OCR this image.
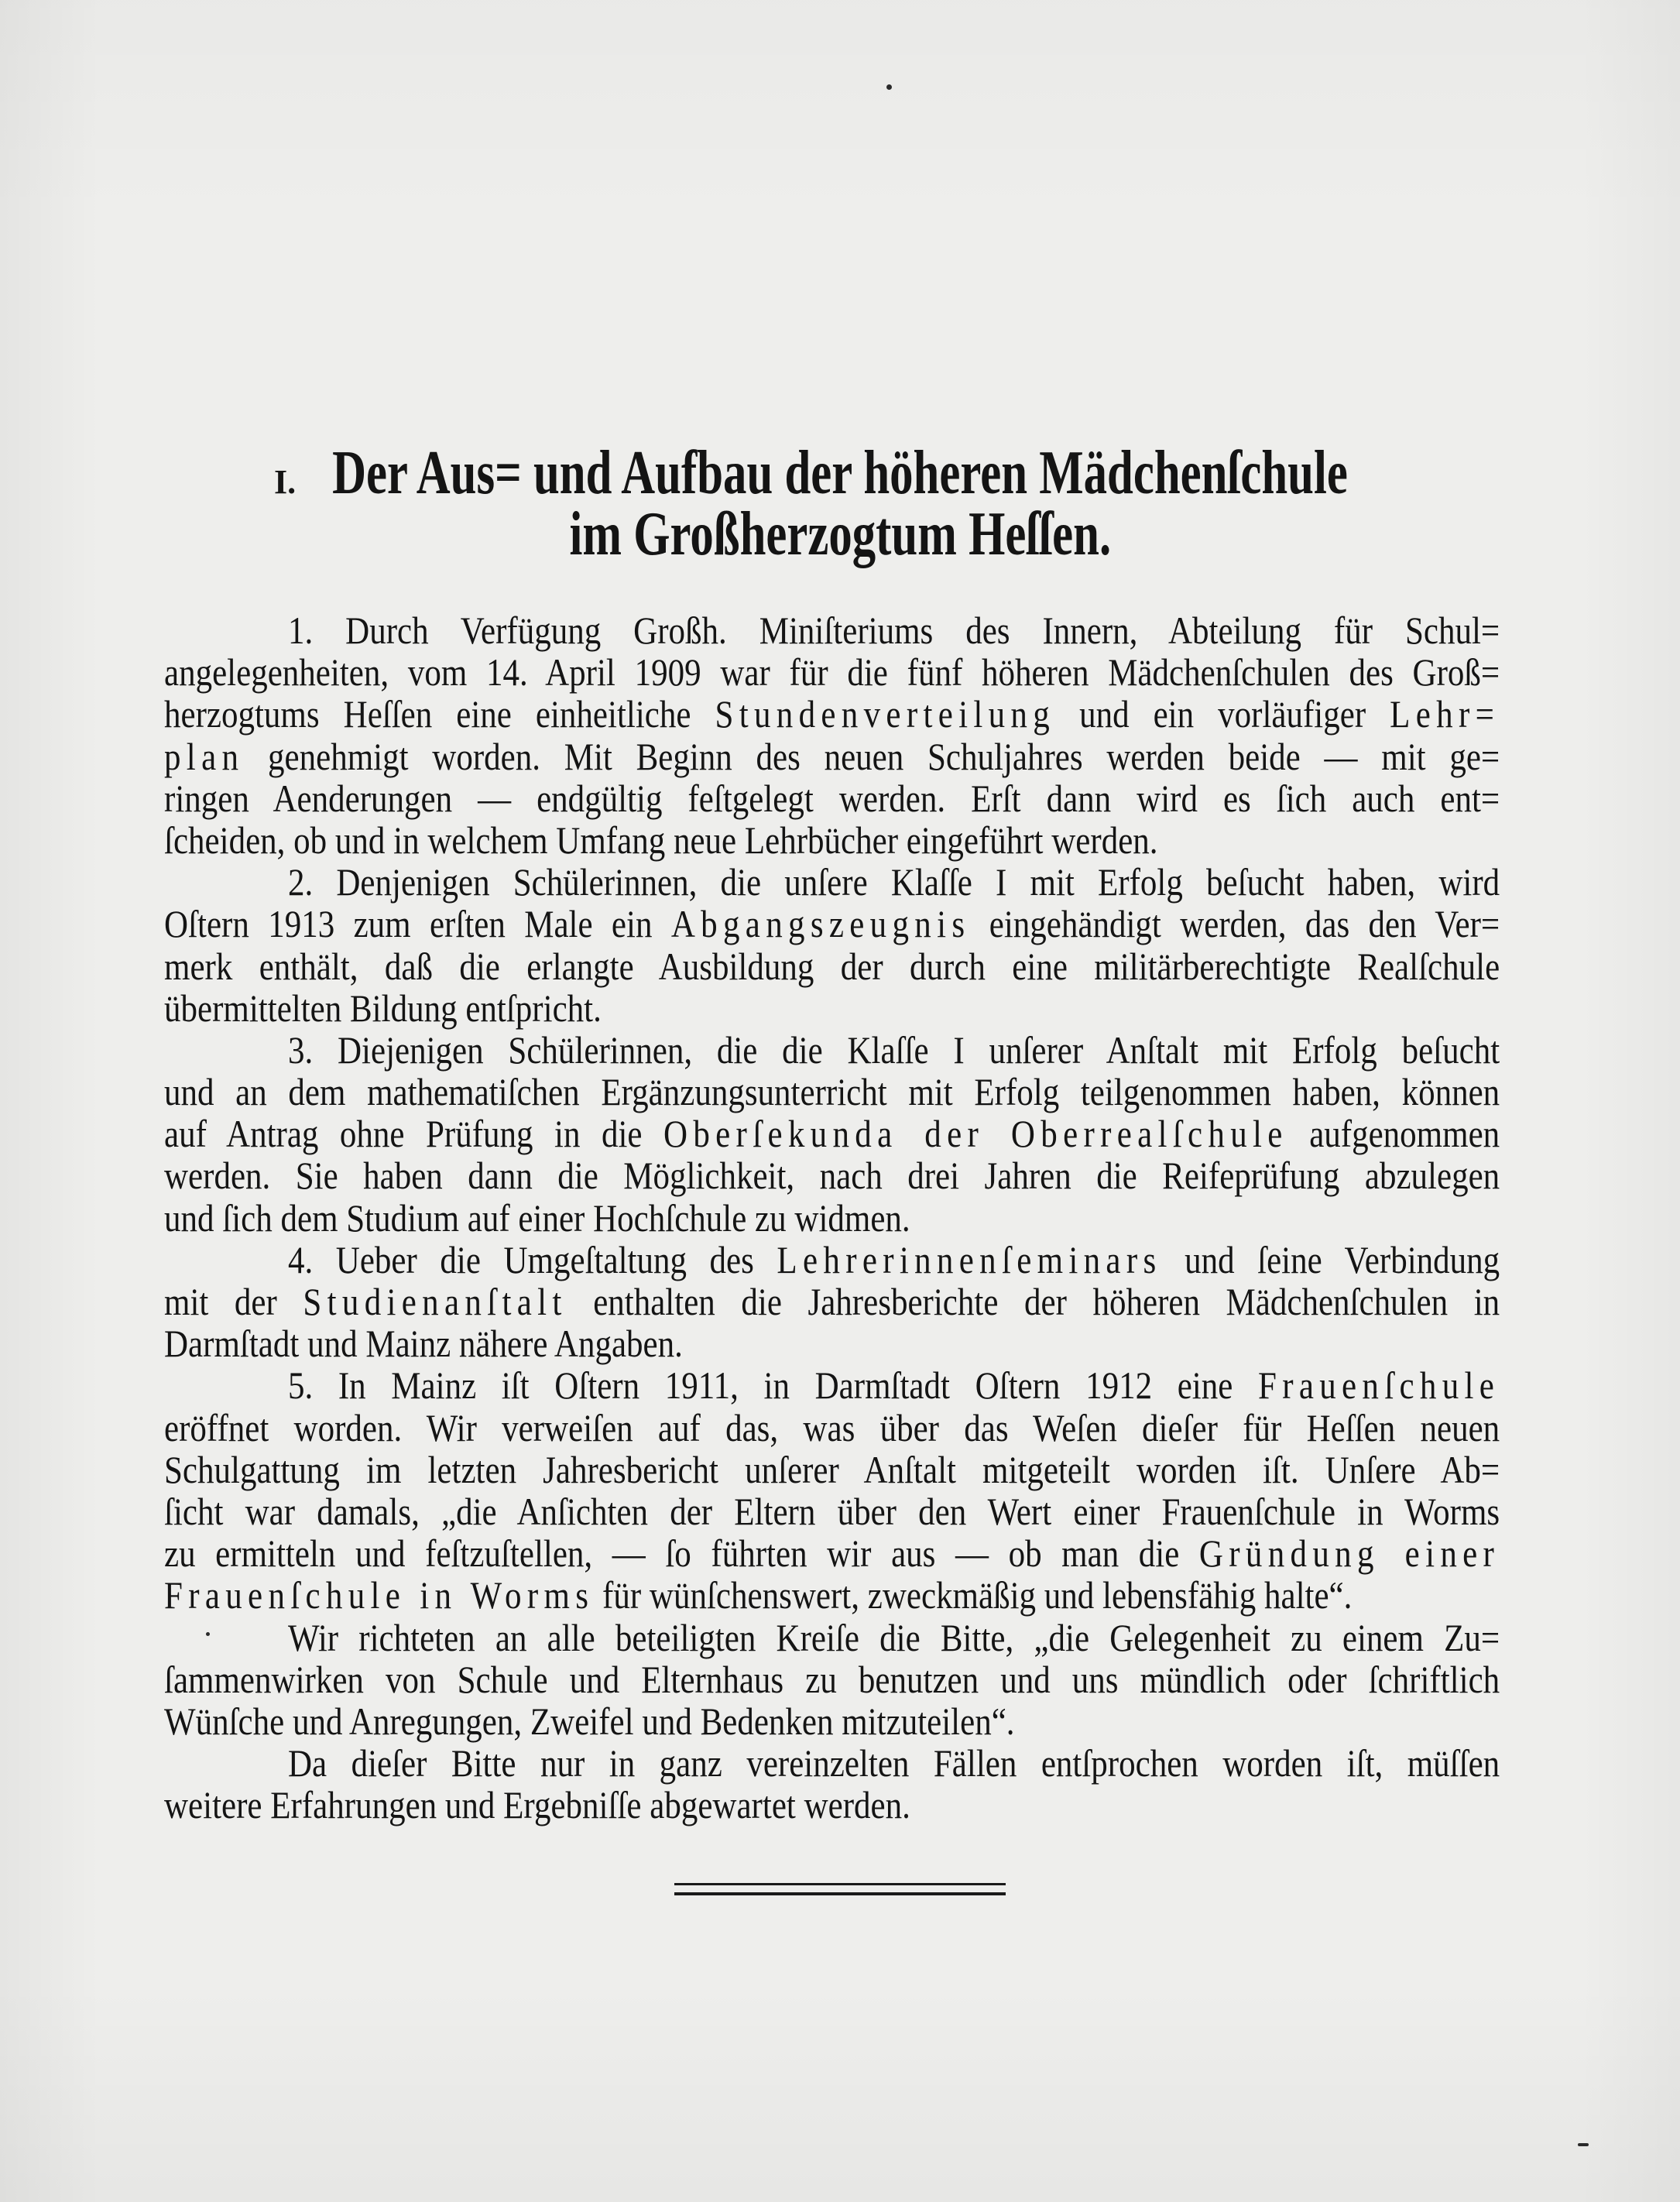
I. Der Aus= und Aufbau der höheren Mädchenſchule
im Großherzogtum Heſſen.
1. Durch Verfügung Großh. Miniſteriums des Innern, Abteilung für Schul=
angelegenheiten, vom 14. April 1909 war für die fünf höheren Mädchenſchulen des Groß=
herzogtums Heſſen eine einheitliche Stundenverteilung und ein vorläufiger Lehr=
plan genehmigt worden. Mit Beginn des neuen Schuljahres werden beide — mit ge=
ringen Aenderungen — endgültig feſtgelegt werden. Erſt dann wird es ſich auch ent=
ſcheiden, ob und in welchem Umfang neue Lehrbücher eingeführt werden.
2. Denjenigen Schülerinnen, die unſere Klaſſe I mit Erfolg beſucht haben, wird
Oſtern 1913 zum erſten Male ein Abgangszeugnis eingehändigt werden, das den Ver=
merk enthält, daß die erlangte Ausbildung der durch eine militärberechtigte Realſchule
übermittelten Bildung entſpricht.
3. Diejenigen Schülerinnen, die die Klaſſe I unſerer Anſtalt mit Erfolg beſucht
und an dem mathematiſchen Ergänzungsunterricht mit Erfolg teilgenommen haben, können
auf Antrag ohne Prüfung in die Oberſekunda der Oberrealſchule aufgenommen
werden. Sie haben dann die Möglichkeit, nach drei Jahren die Reifeprüfung abzulegen
und ſich dem Studium auf einer Hochſchule zu widmen.
4. Ueber die Umgeſtaltung des Lehrerinnenſeminars und ſeine Verbindung
mit der Studienanſtalt enthalten die Jahresberichte der höheren Mädchenſchulen in
Darmſtadt und Mainz nähere Angaben.
5. In Mainz iſt Oſtern 1911, in Darmſtadt Oſtern 1912 eine Frauenſchule
eröffnet worden. Wir verweiſen auf das, was über das Weſen dieſer für Heſſen neuen
Schulgattung im letzten Jahresbericht unſerer Anſtalt mitgeteilt worden iſt. Unſere Ab=
ſicht war damals, „die Anſichten der Eltern über den Wert einer Frauenſchule in Worms
zu ermitteln und feſtzuſtellen, — ſo führten wir aus — ob man die Gründung einer
Frauenſchule in Worms für wünſchenswert, zweckmäßig und lebensfähig halte“.
Wir richteten an alle beteiligten Kreiſe die Bitte, „die Gelegenheit zu einem Zu=
ſammenwirken von Schule und Elternhaus zu benutzen und uns mündlich oder ſchriftlich
Wünſche und Anregungen, Zweifel und Bedenken mitzuteilen“.
Da dieſer Bitte nur in ganz vereinzelten Fällen entſprochen worden iſt, müſſen
weitere Erfahrungen und Ergebniſſe abgewartet werden.
